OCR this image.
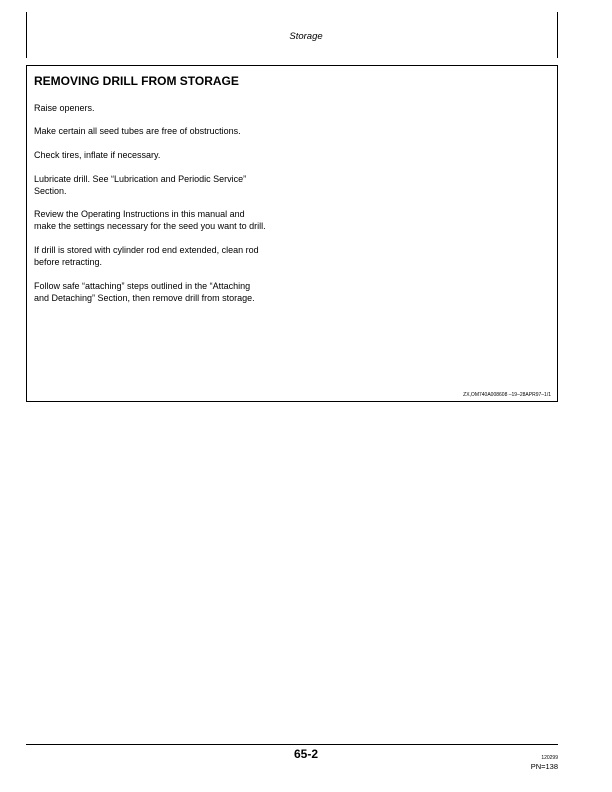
Storage
REMOVING DRILL FROM STORAGE

Raise openers.

Make certain all seed tubes are free of obstructions.

Check tires, inflate if necessary.

Lubricate drill. See “Lubrication and Periodic Service”
Section.

Review the Operating Instructions in this manual and
make the settings necessary for the seed you want to drill.

If drill is stored with cylinder rod end extended, clean rod
before retracting.

Follow safe “attaching” steps outlined in the “Attaching
and Detaching” Section, then remove drill from storage.

ZX,OM740A008608 –19–28APR97–1/1
65-2	120299
PN=138
